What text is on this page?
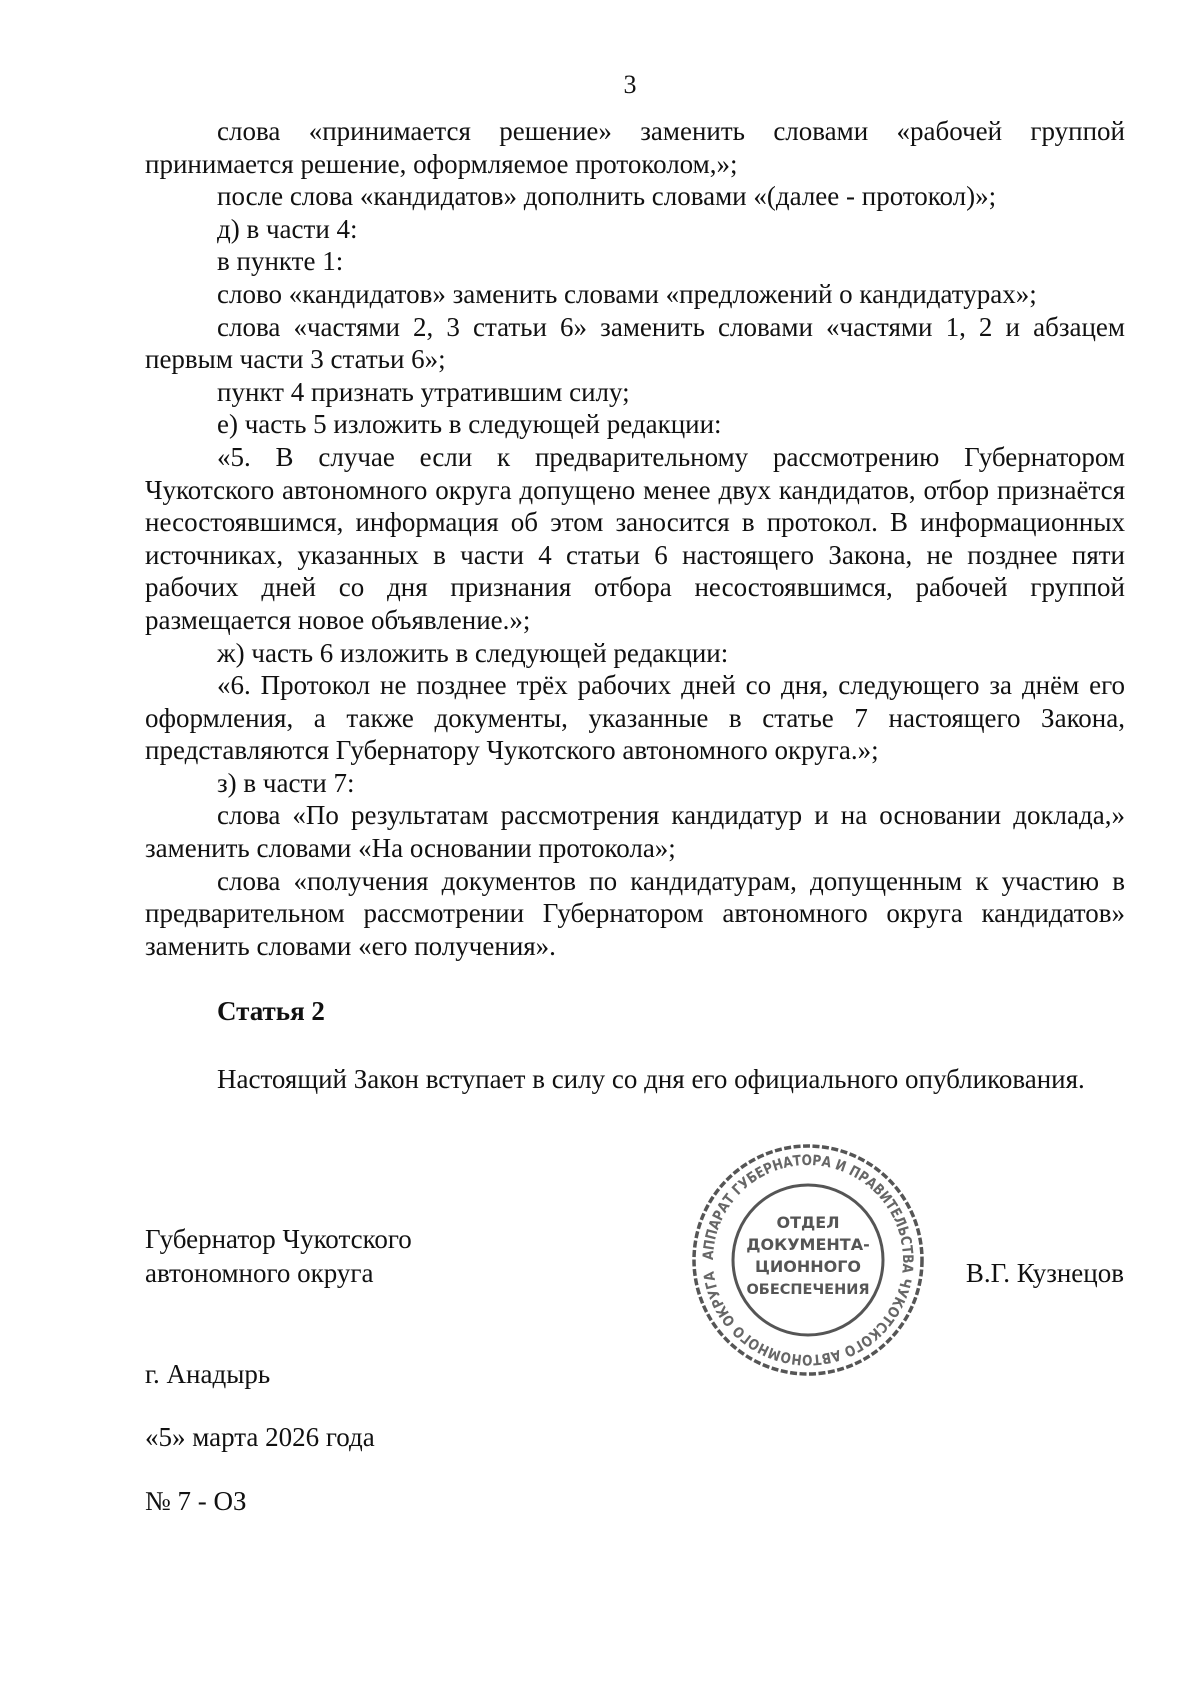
3

слова «принимается решение» заменить словами «рабочей группой принимается решение, оформляемое протоколом,»;

после слова «кандидатов» дополнить словами «(далее - протокол)»;

д) в части 4:

в пункте 1:

слово «кандидатов» заменить словами «предложений о кандидатурах»;

слова «частями 2, 3 статьи 6» заменить словами «частями 1, 2 и абзацем первым части 3 статьи 6»;

пункт 4 признать утратившим силу;

е) часть 5 изложить в следующей редакции:

«5. В случае если к предварительному рассмотрению Губернатором Чукотского автономного округа допущено менее двух кандидатов, отбор признаётся несостоявшимся, информация об этом заносится в протокол. В информационных источниках, указанных в части 4 статьи 6 настоящего Закона, не позднее пяти рабочих дней со дня признания отбора несостоявшимся, рабочей группой размещается новое объявление.»;

ж) часть 6 изложить в следующей редакции:

«6. Протокол не позднее трёх рабочих дней со дня, следующего за днём его оформления, а также документы, указанные в статье 7 настоящего Закона, представляются Губернатору Чукотского автономного округа.»;

з) в части 7:

слова «По результатам рассмотрения кандидатур и на основании доклада,» заменить словами «На основании протокола»;

слова «получения документов по кандидатурам, допущенным к участию в предварительном рассмотрении Губернатором автономного округа кандидатов» заменить словами «его получения».

Статья 2

Настоящий Закон вступает в силу со дня его официального опубликования.

Губернатор Чукотского
автономного округа
АППАРАТ ГУБЕРНАТОРА И ПРАВИТЕЛЬСТВА ЧУКОТСКОГО АВТОНОМНОГО ОКРУГА
ОТДЕЛ
ДОКУМЕНТА-
ЦИОННОГО
ОБЕСПЕЧЕНИЯ
В.Г. Кузнецов
г. Анадырь
«5» марта 2026 года
№ 7 - ОЗ
